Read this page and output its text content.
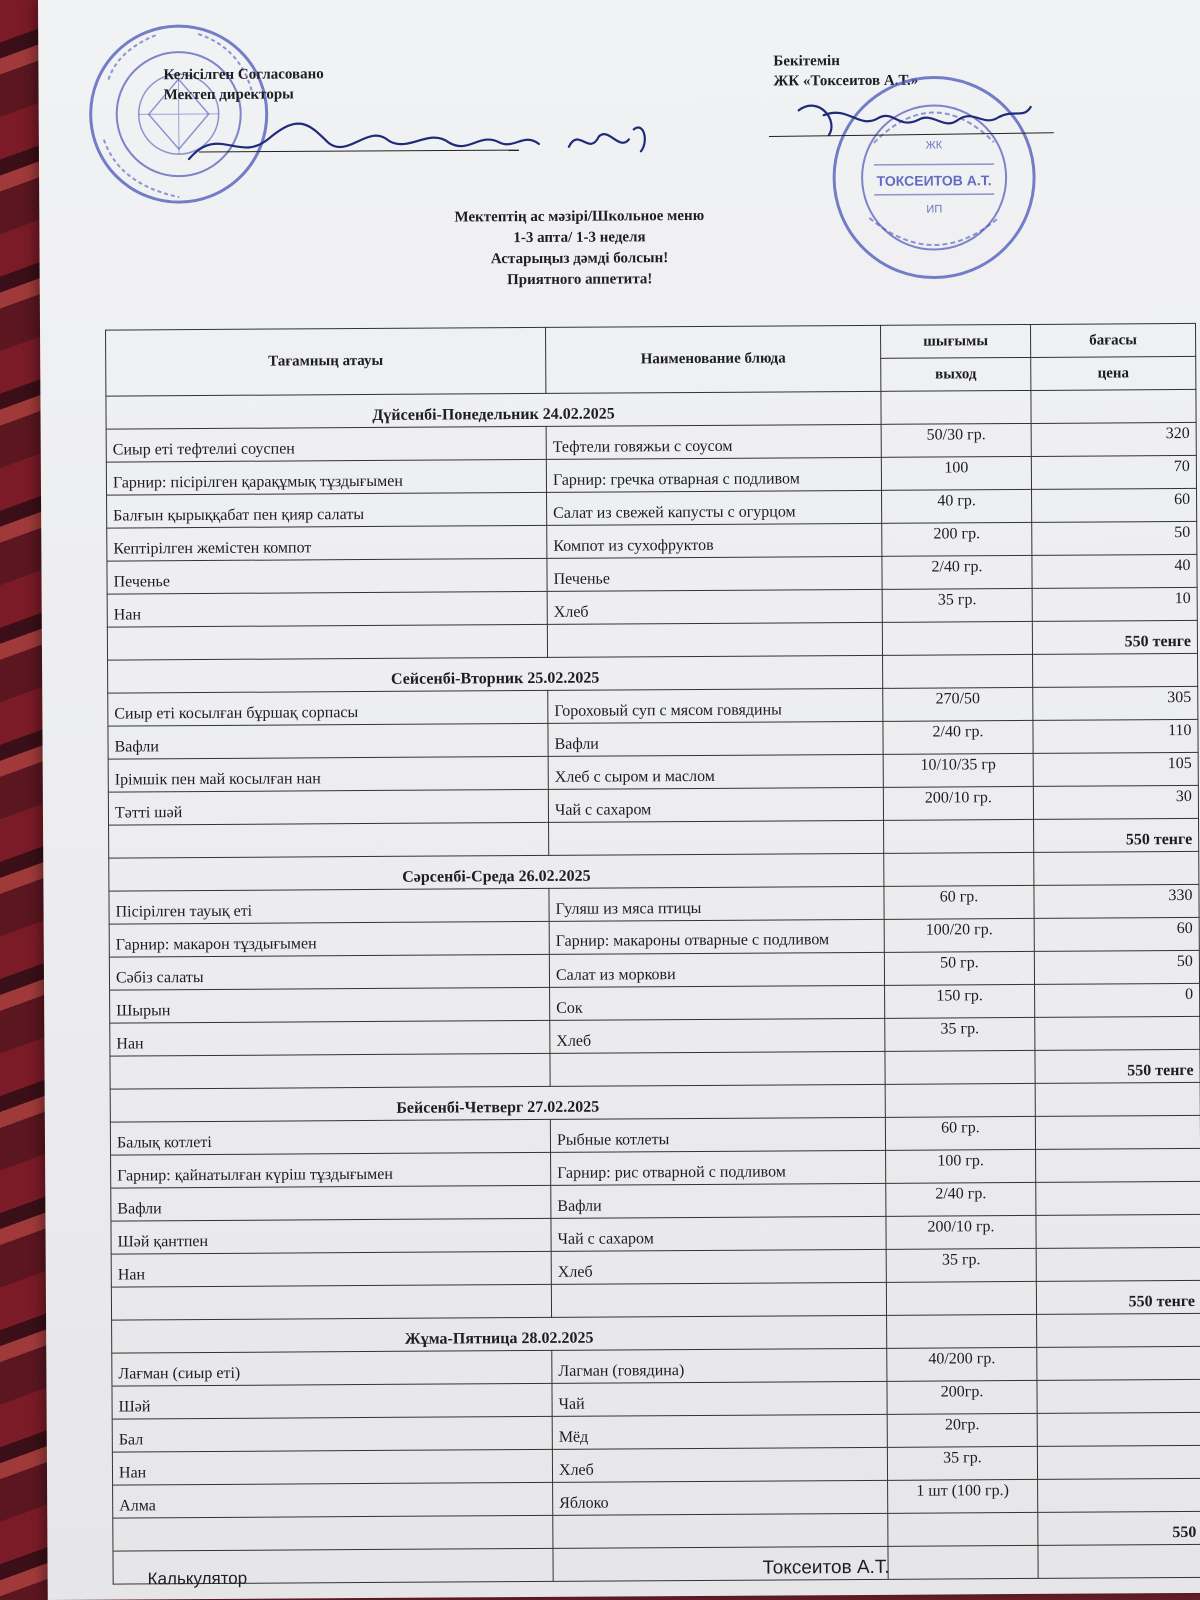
Келісілген Согласовано
Мектеп директоры
Бекітемін
ЖК «Токсеитов А.Т.»
ЖК
ТОКСЕИТОВ А.Т.
ИП
Мектептің ас мәзірі/Школьное меню
1-3 апта/ 1-3 неделя
Астарыңыз дәмді болсын!
Приятного аппетита!
Тағамның атауы	Наименование блюда	шығымы	бағасы
		выход	цена
Дүйсенбі-Понедельник 24.02.2025			
Сиыр еті тефтелиі соуспен	Тефтели говяжьи с соусом	50/30 гр.	320
Гарнир: пісірілген қарақұмық тұздығымен	Гарнир: гречка отварная с подливом	100	70
Балғын қырыққабат пен қияр салаты	Салат из свежей капусты с огурцом	40 гр.	60
Кептірілген жемістен компот	Компот из сухофруктов	200 гр.	50
Печенье	Печенье	2/40 гр.	40
Нан	Хлеб	35 гр.	10
			550 тенге
Сейсенбі-Вторник 25.02.2025			
Сиыр еті косылған бұршақ сорпасы	Гороховый суп с мясом говядины	270/50	305
Вафли	Вафли	2/40 гр.	110
Ірімшік пен май косылған нан	Хлеб с сыром и маслом	10/10/35 гр	105
Тәтті шәй	Чай с сахаром	200/10 гр.	30
			550 тенге
Сәрсенбі-Среда 26.02.2025			
Пісірілген тауық еті	Гуляш из мяса птицы	60 гр.	330
Гарнир: макарон тұздығымен	Гарнир: макароны отварные с подливом	100/20 гр.	60
Сәбіз салаты	Салат из моркови	50 гр.	50
Шырын	Сок	150 гр.	0
Нан	Хлеб	35 гр.	
			550 тенге
Бейсенбі-Четверг 27.02.2025			
Балық котлеті	Рыбные котлеты	60 гр.	
Гарнир: қайнатылған күріш тұздығымен	Гарнир: рис отварной с подливом	100 гр.	
Вафли	Вафли	2/40 гр.	
Шәй қантпен	Чай с сахаром	200/10 гр.	
Нан	Хлеб	35 гр.	
			550 тенге
Жұма-Пятница 28.02.2025			
Лағман (сиыр еті)	Лагман (говядина)	40/200 гр.	
Шәй	Чай	200гр.	
Бал	Мёд	20гр.	
Нан	Хлеб	35 гр.	
Алма	Яблоко	1 шт (100 гр.)	
			550

Калькулятор	Токсеитов А.Т.
